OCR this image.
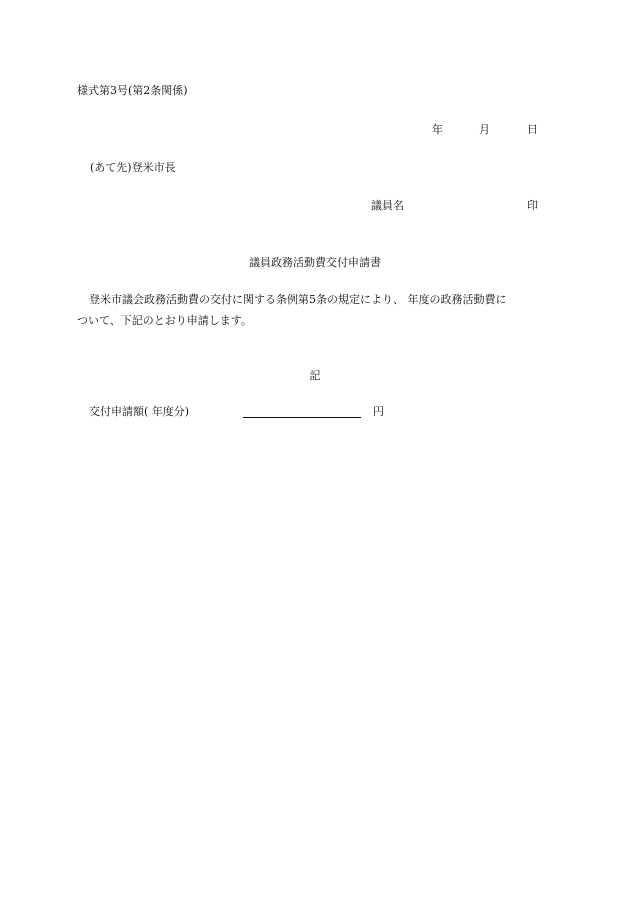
様式第3号(第2条関係)
年	月	日
(あて先)登米市長
議員名	印
議員政務活動費交付申請書
登米市議会政務活動費の交付に関する条例第5条の規定により、 年度の政務活動費に
ついて、下記のとおり申請します。
記
交付申請額( 年度分)	円
